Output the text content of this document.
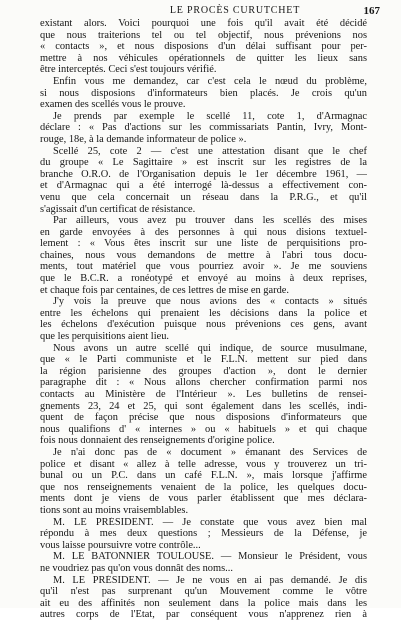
LE PROCÈS CURUTCHET	167
existant alors. Voici pourquoi une fois qu'il avait été décidé
que nous traiterions tel ou tel objectif, nous prévenions nos
« contacts », et nous disposions d'un délai suffisant pour per-
mettre à nos véhicules opérationnels de quitter les lieux sans
être interceptés. Ceci s'est toujours vérifié.
Enfin vous me demandez, car c'est cela le nœud du problème,
si nous disposions d'informateurs bien placés. Je crois qu'un
examen des scellés vous le prouve.
Je prends par exemple le scellé 11, cote 1, d'Armagnac
déclare : « Pas d'actions sur les commissariats Pantin, Ivry, Mont-
rouge, 18e, à la demande informateur de police ».
Scellé 25, cote 2 — c'est une attestation disant que le chef
du groupe « Le Sagittaire » est inscrit sur les registres de la
branche O.R.O. de l'Organisation depuis le 1er décembre 1961, —
et d'Armagnac qui a été interrogé là-dessus a effectivement con-
venu que cela concernait un réseau dans la P.R.G., et qu'il
s'agissait d'un certificat de résistance.
Par ailleurs, vous avez pu trouver dans les scellés des mises
en garde envoyées à des personnes à qui nous disions textuel-
lement : « Vous êtes inscrit sur une liste de perquisitions pro-
chaines, nous vous demandons de mettre à l'abri tous docu-
ments, tout matériel que vous pourriez avoir ». Je me souviens
que le B.C.R. a ronéotypé et envoyé au moins à deux reprises,
et chaque fois par centaines, de ces lettres de mise en garde.
J'y vois la preuve que nous avions des « contacts » situés
entre les échelons qui prenaient les décisions dans la police et
les échelons d'exécution puisque nous prévenions ces gens, avant
que les perquisitions aient lieu.
Nous avons un autre scellé qui indique, de source musulmane,
que « le Parti communiste et le F.L.N. mettent sur pied dans
la région parisienne des groupes d'action », dont le dernier
paragraphe dit : « Nous allons chercher confirmation parmi nos
contacts au Ministère de l'Intérieur ». Les bulletins de rensei-
gnements 23, 24 et 25, qui sont également dans les scellés, indi-
quent de façon précise que nous disposions d'informateurs que
nous qualifions d' « internes » ou « habituels » et qui chaque
fois nous donnaient des renseignements d'origine police.
Je n'ai donc pas de « document » émanant des Services de
police et disant « allez à telle adresse, vous y trouverez un tri-
bunal ou un P.C. dans un café F.L.N. », mais lorsque j'affirme
que nos renseignements venaient de la police, les quelques docu-
ments dont je viens de vous parler établissent que mes déclara-
tions sont au moins vraisemblables.
M. LE PRÉSIDENT. — Je constate que vous avez bien mal
répondu à mes deux questions ; Messieurs de la Défense, je
vous laisse poursuivre votre contrôle...
M. LE BATONNIER TOULOUSE. — Monsieur le Président, vous
ne voudriez pas qu'on vous donnât des noms...
M. LE PRÉSIDENT. — Je ne vous en ai pas demandé. Je dis
qu'il n'est pas surprenant qu'un Mouvement comme le vôtre
ait eu des affinités non seulement dans la police mais dans les
autres corps de l'Etat, par conséquent vous n'apprenez rien à
